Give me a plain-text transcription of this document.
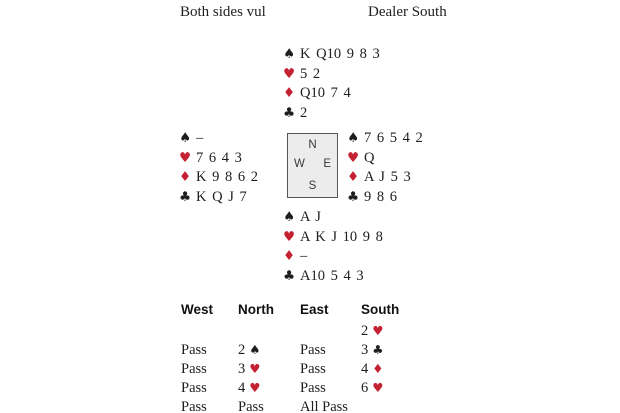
Both sides vul	Dealer South
♠ K Q10 9 8 3
♥ 5 2
♦ Q10 7 4
♣ 2
♠ –
♥ 7 6 4 3
♦ K 9 8 6 2
♣ K Q J 7
♠ 7 6 5 4 2
♥ Q
♦ A J 5 3
♣ 9 8 6
♠ A J
♥ A K J 10 9 8
♦ –
♣ A10 5 4 3
N
W E
S
West	North	East	South
			2 ♥
Pass	2 ♠	Pass	3 ♣
Pass	3 ♥	Pass	4 ♦
Pass	4 ♥	Pass	6 ♥
Pass	Pass	All Pass	
